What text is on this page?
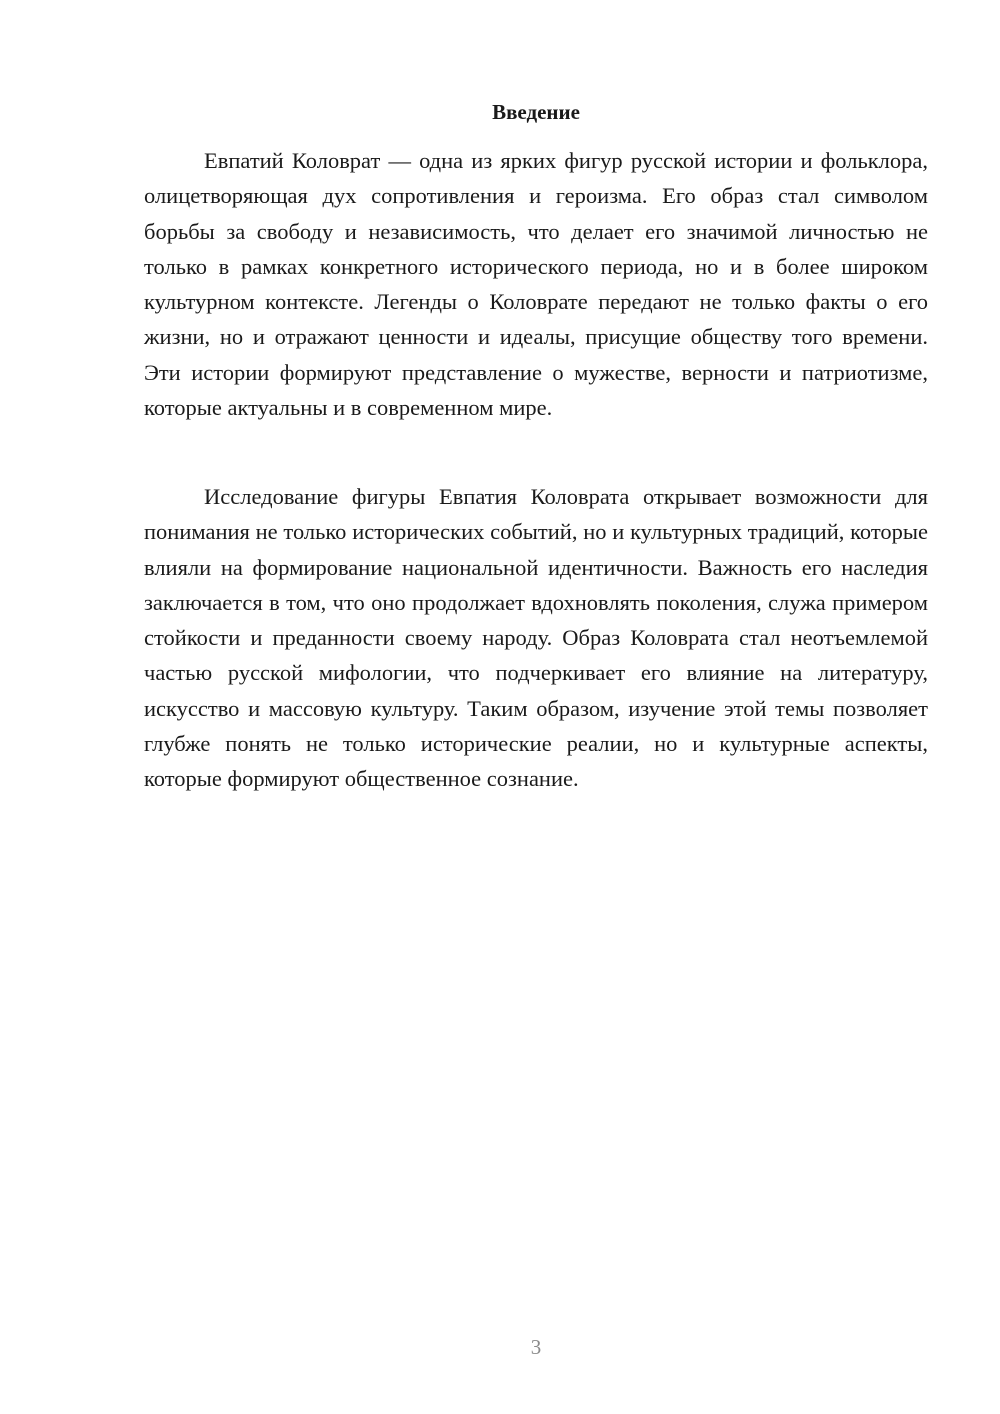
Введение

Евпатий Коловрат — одна из ярких фигур русской истории и фольклора, олицетворяющая дух сопротивления и героизма. Его образ стал символом борьбы за свободу и независимость, что делает его значимой личностью не только в рамках конкретного исторического периода, но и в более широком культурном контексте. Легенды о Коловрате передают не только факты о его жизни, но и отражают ценности и идеалы, присущие обществу того времени. Эти истории формируют представление о мужестве, верности и патриотизме, которые актуальны и в современном мире.

Исследование фигуры Евпатия Коловрата открывает возможности для понимания не только исторических событий, но и культурных традиций, которые влияли на формирование национальной идентичности. Важность его наследия заключается в том, что оно продолжает вдохновлять поколения, служа примером стойкости и преданности своему народу. Образ Коловрата стал неотъемлемой частью русской мифологии, что подчеркивает его влияние на литературу, искусство и массовую культуру. Таким образом, изучение этой темы позволяет глубже понять не только исторические реалии, но и культурные аспекты, которые формируют общественное сознание.

3
